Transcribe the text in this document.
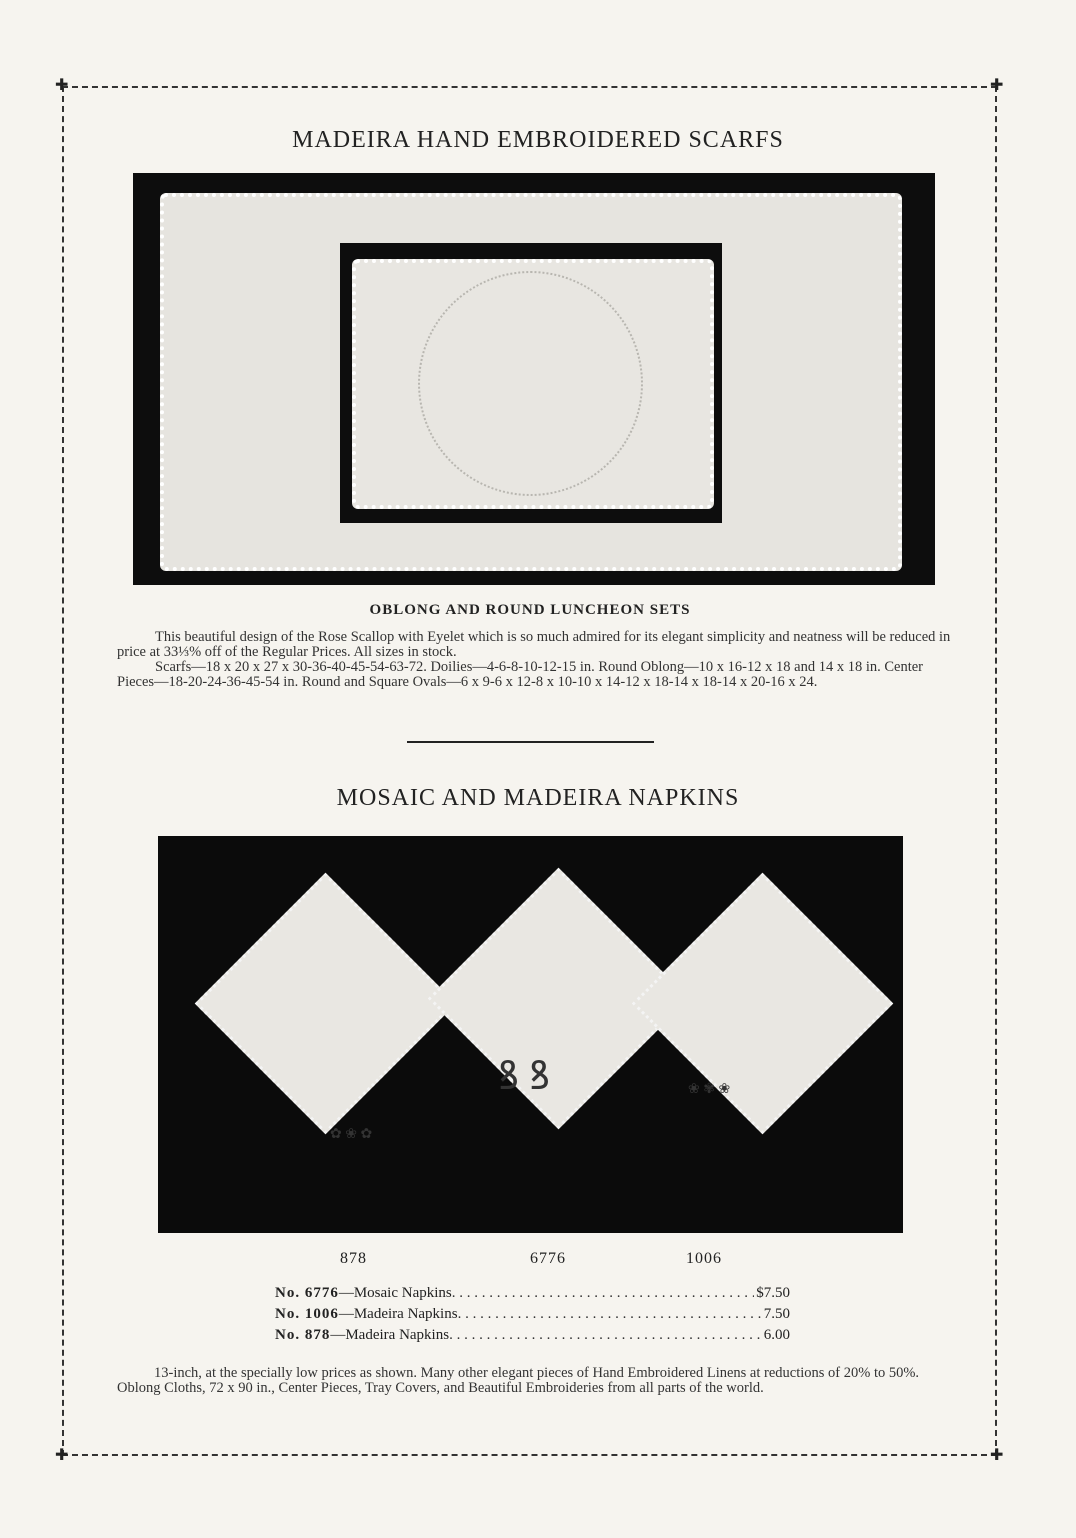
✚	✚
✚	✚
MADEIRA HAND EMBROIDERED SCARFS
OBLONG AND ROUND LUNCHEON SETS
This beautiful design of the Rose Scallop with Eyelet which is so much admired for its elegant simplicity and neatness will be reduced in price at 33⅓% off of the Regular Prices. All sizes in stock.
Scarfs—18 x 20 x 27 x 30-36-40-45-54-63-72. Doilies—4-6-8-10-12-15 in. Round Oblong—10 x 16-12 x 18 and 14 x 18 in. Center Pieces—18-20-24-36-45-54 in. Round and Square Ovals—6 x 9-6 x 12-8 x 10-10 x 14-12 x 18-14 x 18-14 x 20-16 x 24.
MOSAIC AND MADEIRA NAPKINS
✿ ❀ ✿
ꝸ ꝸ	❀ ✾ ❀
878	6776	1006
No. 6776 —Mosaic Napkins . . .	$7.50
No. 1006 —Madeira Napkins . . .	7.50
No. 878 —Madeira Napkins . . .	6.00
13-inch, at the specially low prices as shown. Many other elegant pieces of Hand Embroidered Linens at reductions of 20% to 50%. Oblong Cloths, 72 x 90 in., Center Pieces, Tray Covers, and Beautiful Embroideries from all parts of the world.
